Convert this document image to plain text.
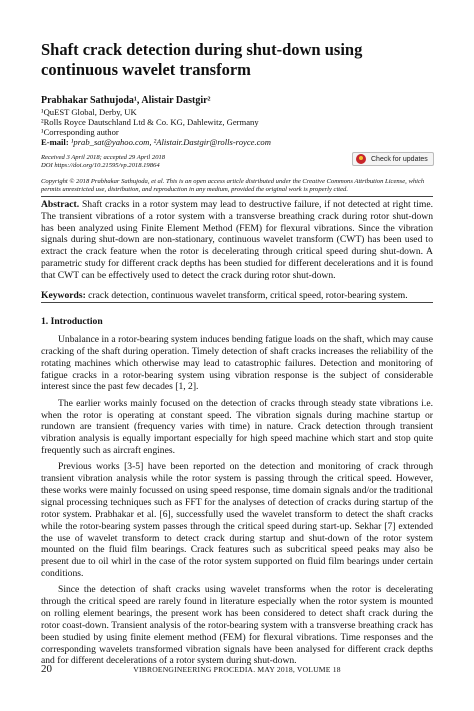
Shaft crack detection during shut-down using continuous wavelet transform
Prabhakar Sathujoda¹, Alistair Dastgir²
¹QuEST Global, Derby, UK
²Rolls Royce Dautschland Ltd & Co. KG, Dahlewitz, Germany
¹Corresponding author
E-mail: ¹prab_sat@yahoo.com, ²Alistair.Dastgir@rolls-royce.com
Received 3 April 2018; accepted 29 April 2018
DOI https://doi.org/10.21595/vp.2018.19864
Check for updates
Copyright © 2018 Prabhakar Sathujoda, et al. This is an open access article distributed under the Creative Commons Attribution License, which permits unrestricted use, distribution, and reproduction in any medium, provided the original work is properly cited.
Abstract. Shaft cracks in a rotor system may lead to destructive failure, if not detected at right time. The transient vibrations of a rotor system with a transverse breathing crack during rotor shut-down has been analyzed using Finite Element Method (FEM) for flexural vibrations. Since the vibration signals during shut-down are non-stationary, continuous wavelet transform (CWT) has been used to extract the crack feature when the rotor is decelerating through critical speed during shut-down. A parametric study for different crack depths has been studied for different decelerations and it is found that CWT can be effectively used to detect the crack during rotor shut-down.
Keywords: crack detection, continuous wavelet transform, critical speed, rotor-bearing system.
1. Introduction

Unbalance in a rotor-bearing system induces bending fatigue loads on the shaft, which may cause cracking of the shaft during operation. Timely detection of shaft cracks increases the reliability of the rotating machines which otherwise may lead to catastrophic failures. Detection and monitoring of fatigue cracks in a rotor-bearing system using vibration response is the subject of considerable interest since the past few decades [1, 2].

The earlier works mainly focused on the detection of cracks through steady state vibrations i.e. when the rotor is operating at constant speed. The vibration signals during machine startup or rundown are transient (frequency varies with time) in nature. Crack detection through transient vibration analysis is equally important especially for high speed machine which start and stop quite frequently such as aircraft engines.

Previous works [3-5] have been reported on the detection and monitoring of crack through transient vibration analysis while the rotor system is passing through the critical speed. However, these works were mainly focussed on using speed response, time domain signals and/or the traditional signal processing techniques such as FFT for the analyses of detection of cracks during startup of the rotor system. Prabhakar et al. [6], successfully used the wavelet transform to detect the shaft cracks while the rotor-bearing system passes through the critical speed during start-up. Sekhar [7] extended the use of wavelet transform to detect crack during startup and shut-down of the rotor system mounted on the fluid film bearings. Crack features such as subcritical speed peaks may also be present due to oil whirl in the case of the rotor system supported on fluid film bearings under certain conditions.

Since the detection of shaft cracks using wavelet transforms when the rotor is decelerating through the critical speed are rarely found in literature especially when the rotor system is mounted on rolling element bearings, the present work has been considered to detect shaft crack during the rotor coast-down. Transient analysis of the rotor-bearing system with a transverse breathing crack has been studied by using finite element method (FEM) for flexural vibrations. Time responses and the corresponding wavelets transformed vibration signals have been analysed for different crack depths and for different decelerations of a rotor system during shut-down.

20	VIBROENGINEERING PROCEDIA. MAY 2018, VOLUME 18
